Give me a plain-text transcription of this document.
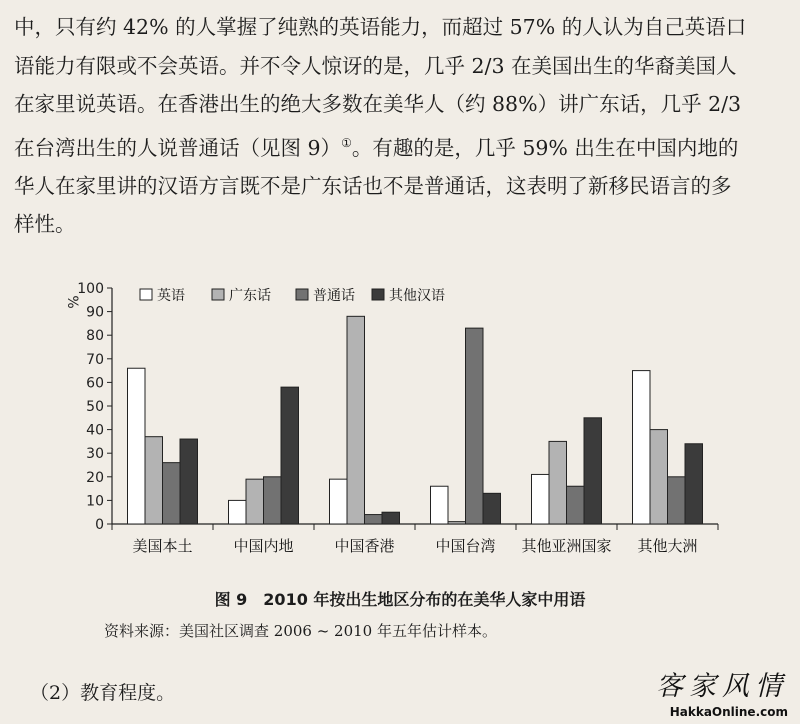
中，只有约 42% 的人掌握了纯熟的英语能力，而超过 57% 的人认为自己英语口
语能力有限或不会英语。并不令人惊讶的是，几乎 2/3 在美国出生的华裔美国人
在家里说英语。在香港出生的绝大多数在美华人（约 88%）讲广东话，几乎 2/3
在台湾出生的人说普通话（见图 9）①。有趣的是，几乎 59% 出生在中国内地的
华人在家里讲的汉语方言既不是广东话也不是普通话，这表明了新移民语言的多
样性。
0
10
20
30
40
50
60
70
80
90
100
%
美国本土	中国内地	中国香港	中国台湾 其他亚洲国家 其他大洲
英语	广东话	普通话 其他汉语
图 9　2010 年按出生地区分布的在美华人家中用语
资料来源：美国社区调查 2006 ~ 2010 年五年估计样本。
（2）教育程度。	客家风情
HakkaOnline.com
